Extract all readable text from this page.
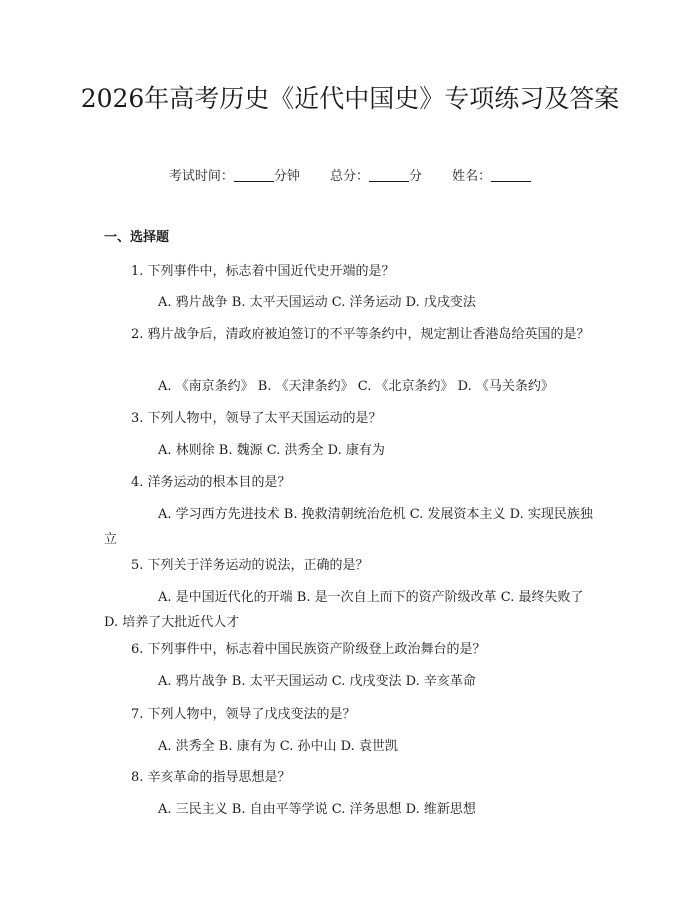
2026年高考历史《近代中国史》专项练习及答案
考试时间：	分钟 总分：	分 姓名：
一、选择题
1. 下列事件中，标志着中国近代史开端的是？
A. 鸦片战争 B. 太平天国运动 C. 洋务运动 D. 戊戌变法
2. 鸦片战争后，清政府被迫签订的不平等条约中，规定割让香港岛给英国的是？
A. 《南京条约》 B. 《天津条约》 C. 《北京条约》 D. 《马关条约》
3. 下列人物中，领导了太平天国运动的是？
A. 林则徐 B. 魏源 C. 洪秀全 D. 康有为
4. 洋务运动的根本目的是？
A. 学习西方先进技术 B. 挽救清朝统治危机 C. 发展资本主义 D. 实现民族独立
5. 下列关于洋务运动的说法，正确的是？
A. 是中国近代化的开端 B. 是一次自上而下的资产阶级改革 C. 最终失败了 D. 培养了大批近代人才
6. 下列事件中，标志着中国民族资产阶级登上政治舞台的是？
A. 鸦片战争 B. 太平天国运动 C. 戊戌变法 D. 辛亥革命
7. 下列人物中，领导了戊戌变法的是？
A. 洪秀全 B. 康有为 C. 孙中山 D. 袁世凯
8. 辛亥革命的指导思想是？
A. 三民主义 B. 自由平等学说 C. 洋务思想 D. 维新思想
